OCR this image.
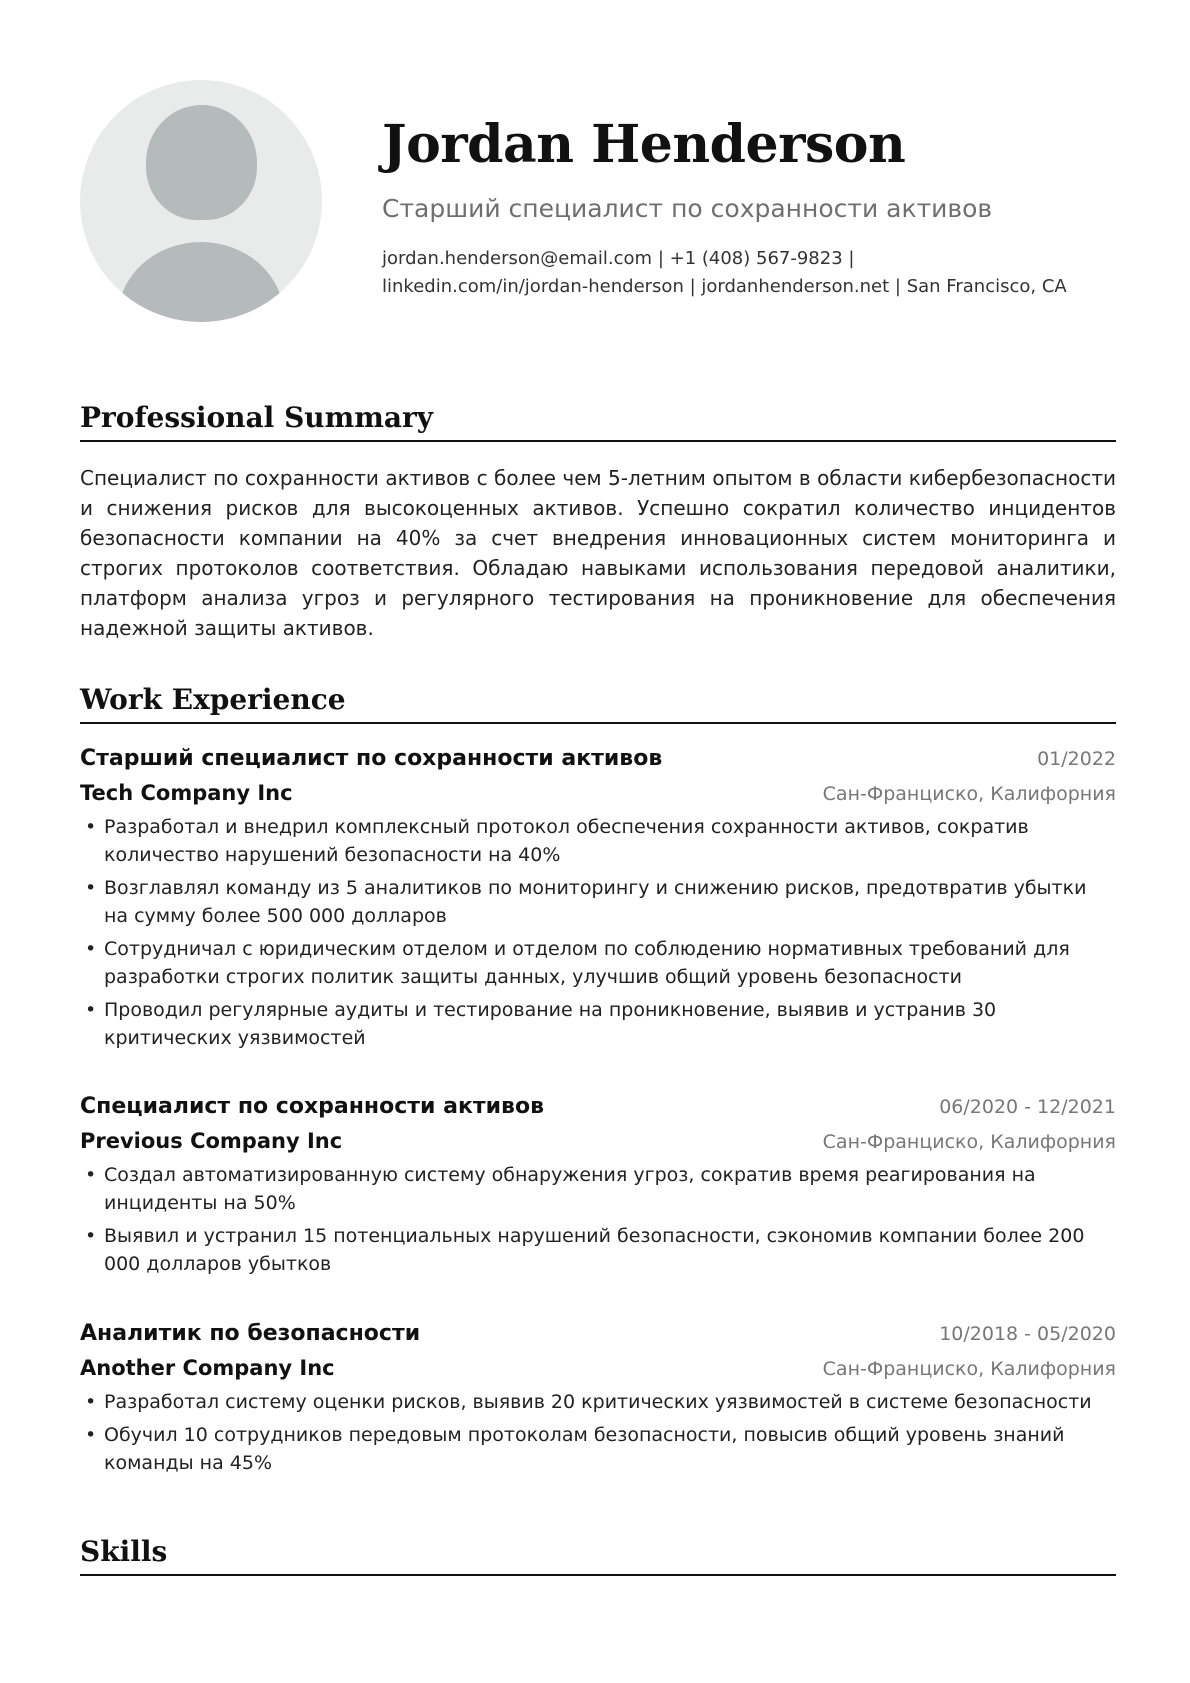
Jordan Henderson

Старший специалист по сохранности активов

jordan.henderson@email.com | +1 (408) 567-9823 |
linkedin.com/in/jordan-henderson | jordanhenderson.net | San Francisco, CA
Professional Summary

Специалист по сохранности активов с более чем 5-летним опытом в области кибербезопасности и снижения рисков для высокоценных активов. Успешно сократил количество инцидентов безопасности компании на 40% за счет внедрения инновационных систем мониторинга и строгих протоколов соответствия. Обладаю навыками использования передовой аналитики, платформ анализа угроз и регулярного тестирования на проникновение для обеспечения надежной защиты активов.

Work Experience
Старший специалист по сохранности активов	01/2022
Tech Company Inc	Сан-Франциско, Калифорния
• Разработал и внедрил комплексный протокол обеспечения сохранности активов, сократив количество нарушений безопасности на 40%
• Возглавлял команду из 5 аналитиков по мониторингу и снижению рисков, предотвратив убытки на сумму более 500 000 долларов
• Сотрудничал с юридическим отделом и отделом по соблюдению нормативных требований для разработки строгих политик защиты данных, улучшив общий уровень безопасности
• Проводил регулярные аудиты и тестирование на проникновение, выявив и устранив 30 критических уязвимостей
Специалист по сохранности активов	06/2020 - 12/2021
Previous Company Inc	Сан-Франциско, Калифорния
• Создал автоматизированную систему обнаружения угроз, сократив время реагирования на инциденты на 50%
• Выявил и устранил 15 потенциальных нарушений безопасности, сэкономив компании более 200 000 долларов убытков
Аналитик по безопасности	10/2018 - 05/2020
Another Company Inc	Сан-Франциско, Калифорния
• Разработал систему оценки рисков, выявив 20 критических уязвимостей в системе безопасности
• Обучил 10 сотрудников передовым протоколам безопасности, повысив общий уровень знаний команды на 45%
Skills
